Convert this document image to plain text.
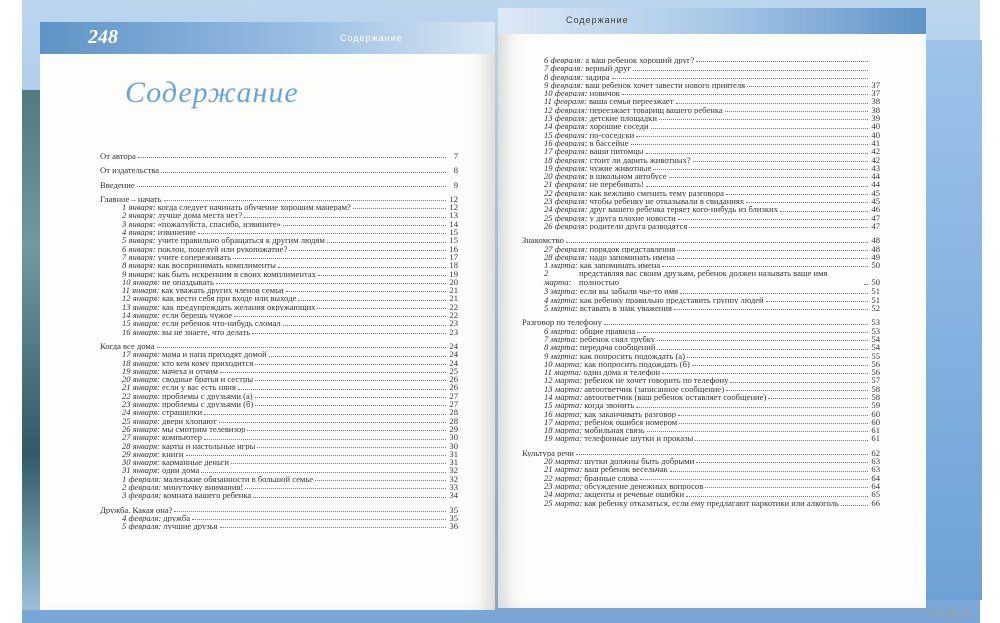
248	Содержание
Содержание
От автора	7
От издательства	8
Введение	9
Главное – начать	12
1 января: когда следует начинать обучение хорошим манерам?	12
2 января: лучше дома места нет?	13
3 января: «пожалуйста, спасибо, извините»	14
4 января: извинение	15
5 января: учите правильно обращаться к другим людям	15
6 января: поклон, поцелуй или рукопожатие?	16
7 января: учите сопереживать	17
8 января: как воспринимать комплименты	18
9 января: как быть искренним в своих комплиментах	19
10 января: не опаздывать	20
11 января: как уважать других членов семьи	21
12 января: как вести себя при входе или выходе	21
13 января: как предупреждать желания окружающих	22
14 января: если берешь чужое	22
15 января: если ребенок что-нибудь сломал	23
16 января: вы не знаете, что делать	23
Когда все дома	24
17 января: мама и папа приходят домой	24
18 января: кто кем кому приходится	24
19 января: мачеха и отчим	25
20 января: сводные братья и сестры	26
21 января: если у вас есть няня	26
22 января: проблемы с друзьями (а)	27
23 января: проблемы с друзьями (б)	27
24 января: страшилки	28
25 января: двери хлопают	28
26 января: мы смотрим телевизор	29
27 января: компьютер	30
28 января: карты и настольные игры	30
29 января: книги	31
30 января: карманные деньги	31
31 января: один дома	32
1 февраля: маленькие обязанности в большой семье	32
2 февраля: минуточку внимания!	33
3 февраля: комната вашего ребенка	34
Дружба. Какая она?	35
4 февраля: дружба	35
5 февраля: лучшие друзья	36
Содержание
249
6 февраля: а ваш ребенок хороший друг?
7 февраля: верный друг
8 февраля: задира
9 февраля: ваш ребенок хочет завести нового приятеля	37
10 февраля: новичок	37
11 февраля: ваша семья переезжает	38
12 февраля: переезжает товарищ вашего ребенка	38
13 февраля: детские площадки	39
14 февраля: хорошие соседи	40
15 февраля: по-соседски	40
16 февраля: в бассейне	41
17 февраля: ваши питомцы	42
18 февраля: стоит ли дарить животных?	42
19 февраля: чужие животные	43
20 февраля: в школьном автобусе	44
21 февраля: не перебивать!	44
22 февраля: как вежливо сменить тему разговора	45
23 февраля: чтобы ребенку не отказывали в свиданиях	45
24 февраля: друг вашего ребенка теряет кого-нибудь из близких	46
25 февраля: у друга плохие новости	47
26 февраля: родители друга разводятся	47
Знакомство	48
27 февраля: порядок представления	48
28 февраля: надо запоминать имена	49
1 марта: как запоминать имена	50
2 марта:
представляя вас своим друзьям, ребенок должен называть ваше имя полностью	50
3 марта: если вы забыли чье-то имя	51
4 марта: как ребенку правильно представить группу людей	51
5 марта: вставать в знак уважения	52
Разговор по телефону	53
6 марта: общие правила	53
7 марта: ребенок снял трубку	54
8 марта: передача сообщений	54
9 марта: как попросить подождать (а)	55
10 марта: как попросить подождать (б)	56
11 марта: один дома и телефон	56
12 марта: ребенок не хочет говорить по телефону	57
13 марта: автоответчик (записанное сообщение)	58
14 марта: автоответчик (ваш ребенок оставляет сообщение)	58
15 марта: когда звонить	59
16 марта: как заканчивать разговор	60
17 марта: ребенок ошибся номером	60
18 марта: мобильная связь	61
19 марта: телефонные шутки и проказы	61
Культура речи	62
20 марта: шутки должны быть добрыми	63
21 марта: ваш ребенок весельчак	63
22 марта: бранные слова	64
23 марта: обсуждение денежных вопросов	64
24 марта: акценты и речевые ошибки	65
25 марта: как ребенку отказаться, если ему предлагают наркотики или алкоголь	66
www.ay.by
